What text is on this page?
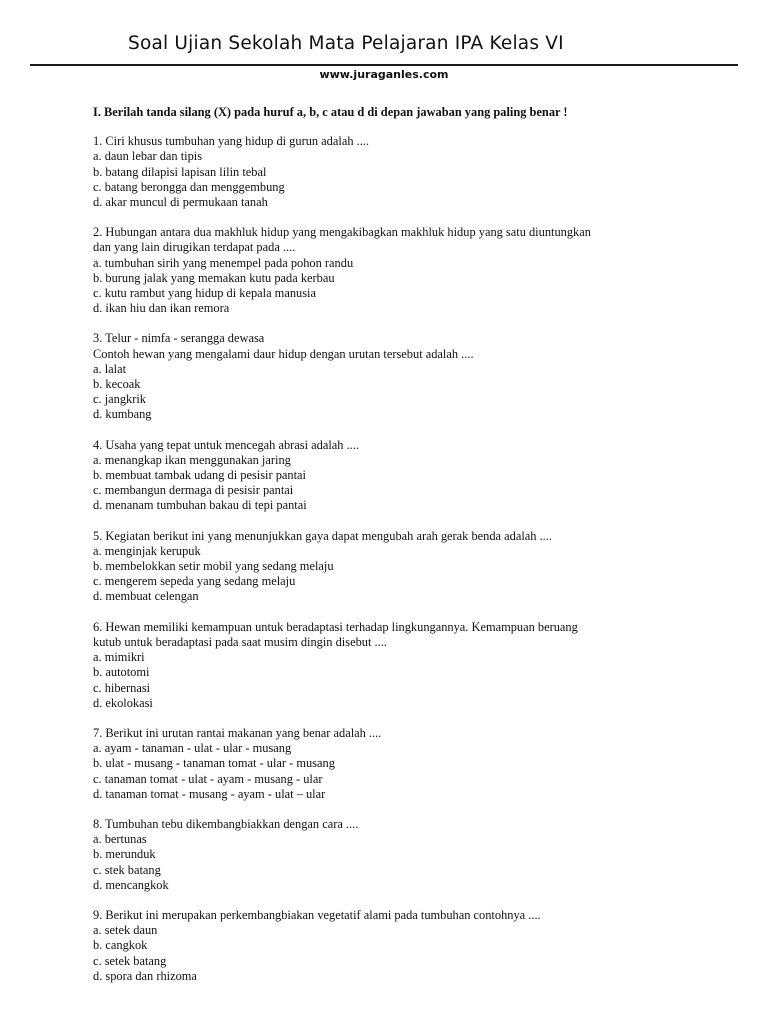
Soal Ujian Sekolah Mata Pelajaran IPA Kelas VI
www.juraganles.com
I. Berilah tanda silang (X) pada huruf a, b, c atau d di depan jawaban yang paling benar !
1. Ciri khusus tumbuhan yang hidup di gurun adalah ....
a. daun lebar dan tipis
b. batang dilapisi lapisan lilin tebal
c. batang berongga dan menggembung
d. akar muncul di permukaan tanah
2. Hubungan antara dua makhluk hidup yang mengakibagkan makhluk hidup yang satu diuntungkan
dan yang lain dirugikan terdapat pada ....
a. tumbuhan sirih yang menempel pada pohon randu
b. burung jalak yang memakan kutu pada kerbau
c. kutu rambut yang hidup di kepala manusia
d. ikan hiu dan ikan remora
3. Telur - nimfa - serangga dewasa
Contoh hewan yang mengalami daur hidup dengan urutan tersebut adalah ....
a. lalat
b. kecoak
c. jangkrik
d. kumbang
4. Usaha yang tepat untuk mencegah abrasi adalah ....
a. menangkap ikan menggunakan jaring
b. membuat tambak udang di pesisir pantai
c. membangun dermaga di pesisir pantai
d. menanam tumbuhan bakau di tepi pantai
5. Kegiatan berikut ini yang menunjukkan gaya dapat mengubah arah gerak benda adalah ....
a. menginjak kerupuk
b. membelokkan setir mobil yang sedang melaju
c. mengerem sepeda yang sedang melaju
d. membuat celengan
6. Hewan memiliki kemampuan untuk beradaptasi terhadap lingkungannya. Kemampuan beruang
kutub untuk beradaptasi pada saat musim dingin disebut ....
a. mimikri
b. autotomi
c. hibernasi
d. ekolokasi
7. Berikut ini urutan rantai makanan yang benar adalah ....
a. ayam - tanaman - ulat - ular - musang
b. ulat - musang - tanaman tomat - ular - musang
c. tanaman tomat - ulat - ayam - musang - ular
d. tanaman tomat - musang - ayam - ulat – ular
8. Tumbuhan tebu dikembangbiakkan dengan cara ....
a. bertunas
b. merunduk
c. stek batang
d. mencangkok
9. Berikut ini merupakan perkembangbiakan vegetatif alami pada tumbuhan contohnya ....
a. setek daun
b. cangkok
c. setek batang
d. spora dan rhizoma
